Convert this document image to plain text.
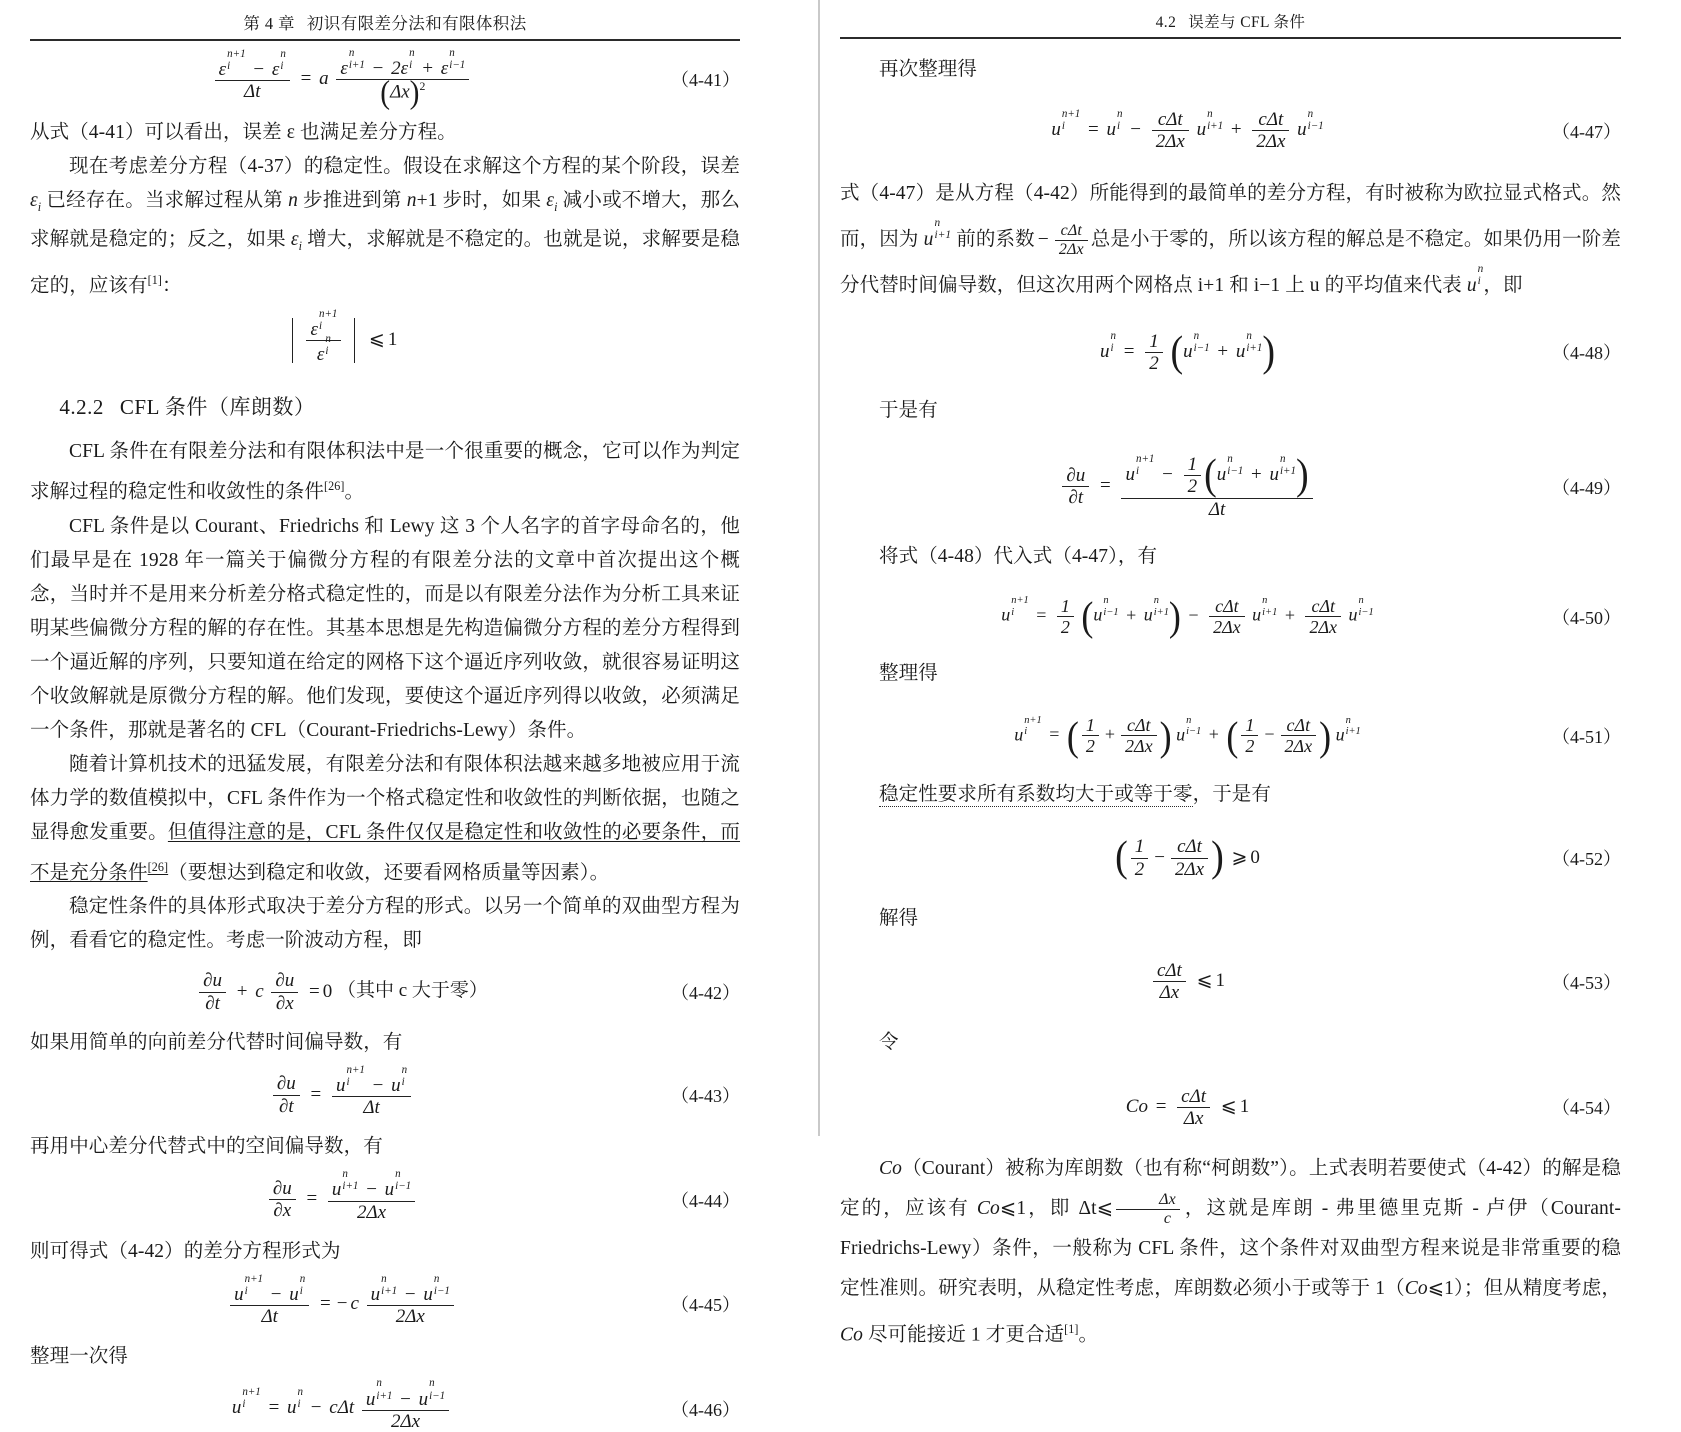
第 4 章 初识有限差分法和有限体积法
ε
n+1
i	− ε
n
i
Δt = a ε
n
i+1 − 2ε
n
i + ε
n
i−1
$(\Delta x)^2$	（4-41）

从式（4-41）可以看出，误差 ε 也满足差分方程。

现在考虑差分方程（4-37）的稳定性。假设在求解这个方程的某个阶段，误差 $\varepsilon_i$ 已经存在。当求解过程从第 n 步推进到第 n+1 步时，如果 $\varepsilon_i$ 减小或不增大，那么求解就是稳定的；反之，如果 $\varepsilon_i$ 增大，求解就是不稳定的。也就是说，求解要是稳定的，应该有[1]：

ε
n+1
i
ε
n
i ⩽ 1
4.2.2 CFL 条件（库朗数）

CFL 条件在有限差分法和有限体积法中是一个很重要的概念，它可以作为判定求解过程的稳定性和收敛性的条件[26]。

CFL 条件是以 Courant、Friedrichs 和 Lewy 这 3 个人名字的首字母命名的，他们最早是在 1928 年一篇关于偏微分方程的有限差分法的文章中首次提出这个概念，当时并不是用来分析差分格式稳定性的，而是以有限差分法作为分析工具来证明某些偏微分方程的解的存在性。其基本思想是先构造偏微分方程的差分方程得到一个逼近解的序列，只要知道在给定的网格下这个逼近序列收敛，就很容易证明这个收敛解就是原微分方程的解。他们发现，要使这个逼近序列得以收敛，必须满足一个条件，那就是著名的 CFL（Courant-Friedrichs-Lewy）条件。

随着计算机技术的迅猛发展，有限差分法和有限体积法越来越多地被应用于流体力学的数值模拟中，CFL 条件作为一个格式稳定性和收敛性的判断依据，也随之显得愈发重要。但值得注意的是，CFL 条件仅仅是稳定性和收敛性的必要条件，而不是充分条件[26]（要想达到稳定和收敛，还要看网格质量等因素）。

稳定性条件的具体形式取决于差分方程的形式。以另一个简单的双曲型方程为例，看看它的稳定性。考虑一阶波动方程，即

$\frac{\partial u}{\partial t} + c \frac{\partial u}{\partial x} = 0$ （其中 c 大于零）	（4-42）

如果用简单的向前差分代替时间偏导数，有

$\frac{\partial u}{\partial t} = u$
n+1
i	− u
n
i
Δt	（4-43）

再用中心差分代替式中的空间偏导数，有

$\frac{\partial u}{\partial x} = u$
n
i+1 − u
n
i−1
2Δx	（4-44）

则可得式（4-42）的差分方程形式为

u
n+1
i	− u
n
i
Δt = − c u
n
i+1 − u
n
i−1
2Δx	（4-45）

整理一次得

u
n+1
i	= u
n
i − cΔt u
n
i+1 − u
n
i−1
2Δx	（4-46）
4.2 误差与 CFL 条件

再次整理得

u
n+1
i	= u
n
$i - \frac{\text{cΔt}}{2\Delta x}$ u
n
$i+1 + \frac{\text{cΔt}}{2\Delta x}$ u
n
i−1	（4-47）

式（4-47）是从方程（4-42）所能得到的最简单的差分方程，有时被称为欧拉显式格式。然而，因为 u
n
i+1 前的系数 − $\frac{\text{cΔt}}{2\Delta x}$ 总是小于零的，所以该方程的解总是不稳定。如果仍用一阶差分代替时间偏导数，但这次用两个网格点 i+1 和 i−1 上 u 的平均值来代表 u
n
i ，即

u
n
$i = \frac{1}{2} (u$
n
i−1 + u
n
i+1 )	（4-48）

于是有

$\frac{\partial u}{\partial t} = u$
n+1
i	− $\frac{1}{2} (u$
n
i−1 + u
n
i+1 )
Δt	（4-49）

将式（4-48）代入式（4-47），有

u
n+1
i	= $\frac{1}{2} (u$
n
i−1 + u
n
i+1 ) − $\frac{\text{cΔt}}{2\Delta x}$ u
n
$i+1 + \frac{\text{cΔt}}{2\Delta x}$ u
n
i−1	（4-50）

整理得

u
n+1
i	= ( $\frac{1}{2} + \frac{\text{cΔt}}{2\Delta x}$ ) u
n
i−1 + ( $\frac{1}{2} - \frac{\text{cΔt}}{2\Delta x}$ ) u
n
i+1	（4-51）

稳定性要求所有系数均大于或等于零，于是有

( $\frac{1}{2} - \frac{\text{cΔt}}{2\Delta x}$ ) ⩾ 0	（4-52）

解得

$\frac{\text{cΔt}}{\Delta x}$ ⩽ 1	（4-53）

令

$Co = \frac{\text{cΔt}}{\Delta x}$ ⩽ 1	（4-54）

Co（Courant）被称为库朗数（也有称“柯朗数”）。上式表明若要使式（4-42）的解是稳定的，应该有 Co⩽1，即 Δt⩽ $\frac{\Delta x}{c}$ ，这就是库朗 - 弗里德里克斯 - 卢伊（Courant-Friedrichs-Lewy）条件，一般称为 CFL 条件，这个条件对双曲型方程来说是非常重要的稳定性准则。研究表明，从稳定性考虑，库朗数必须小于或等于 1（Co⩽1）；但从精度考虑，Co 尽可能接近 1 才更合适[1]。
